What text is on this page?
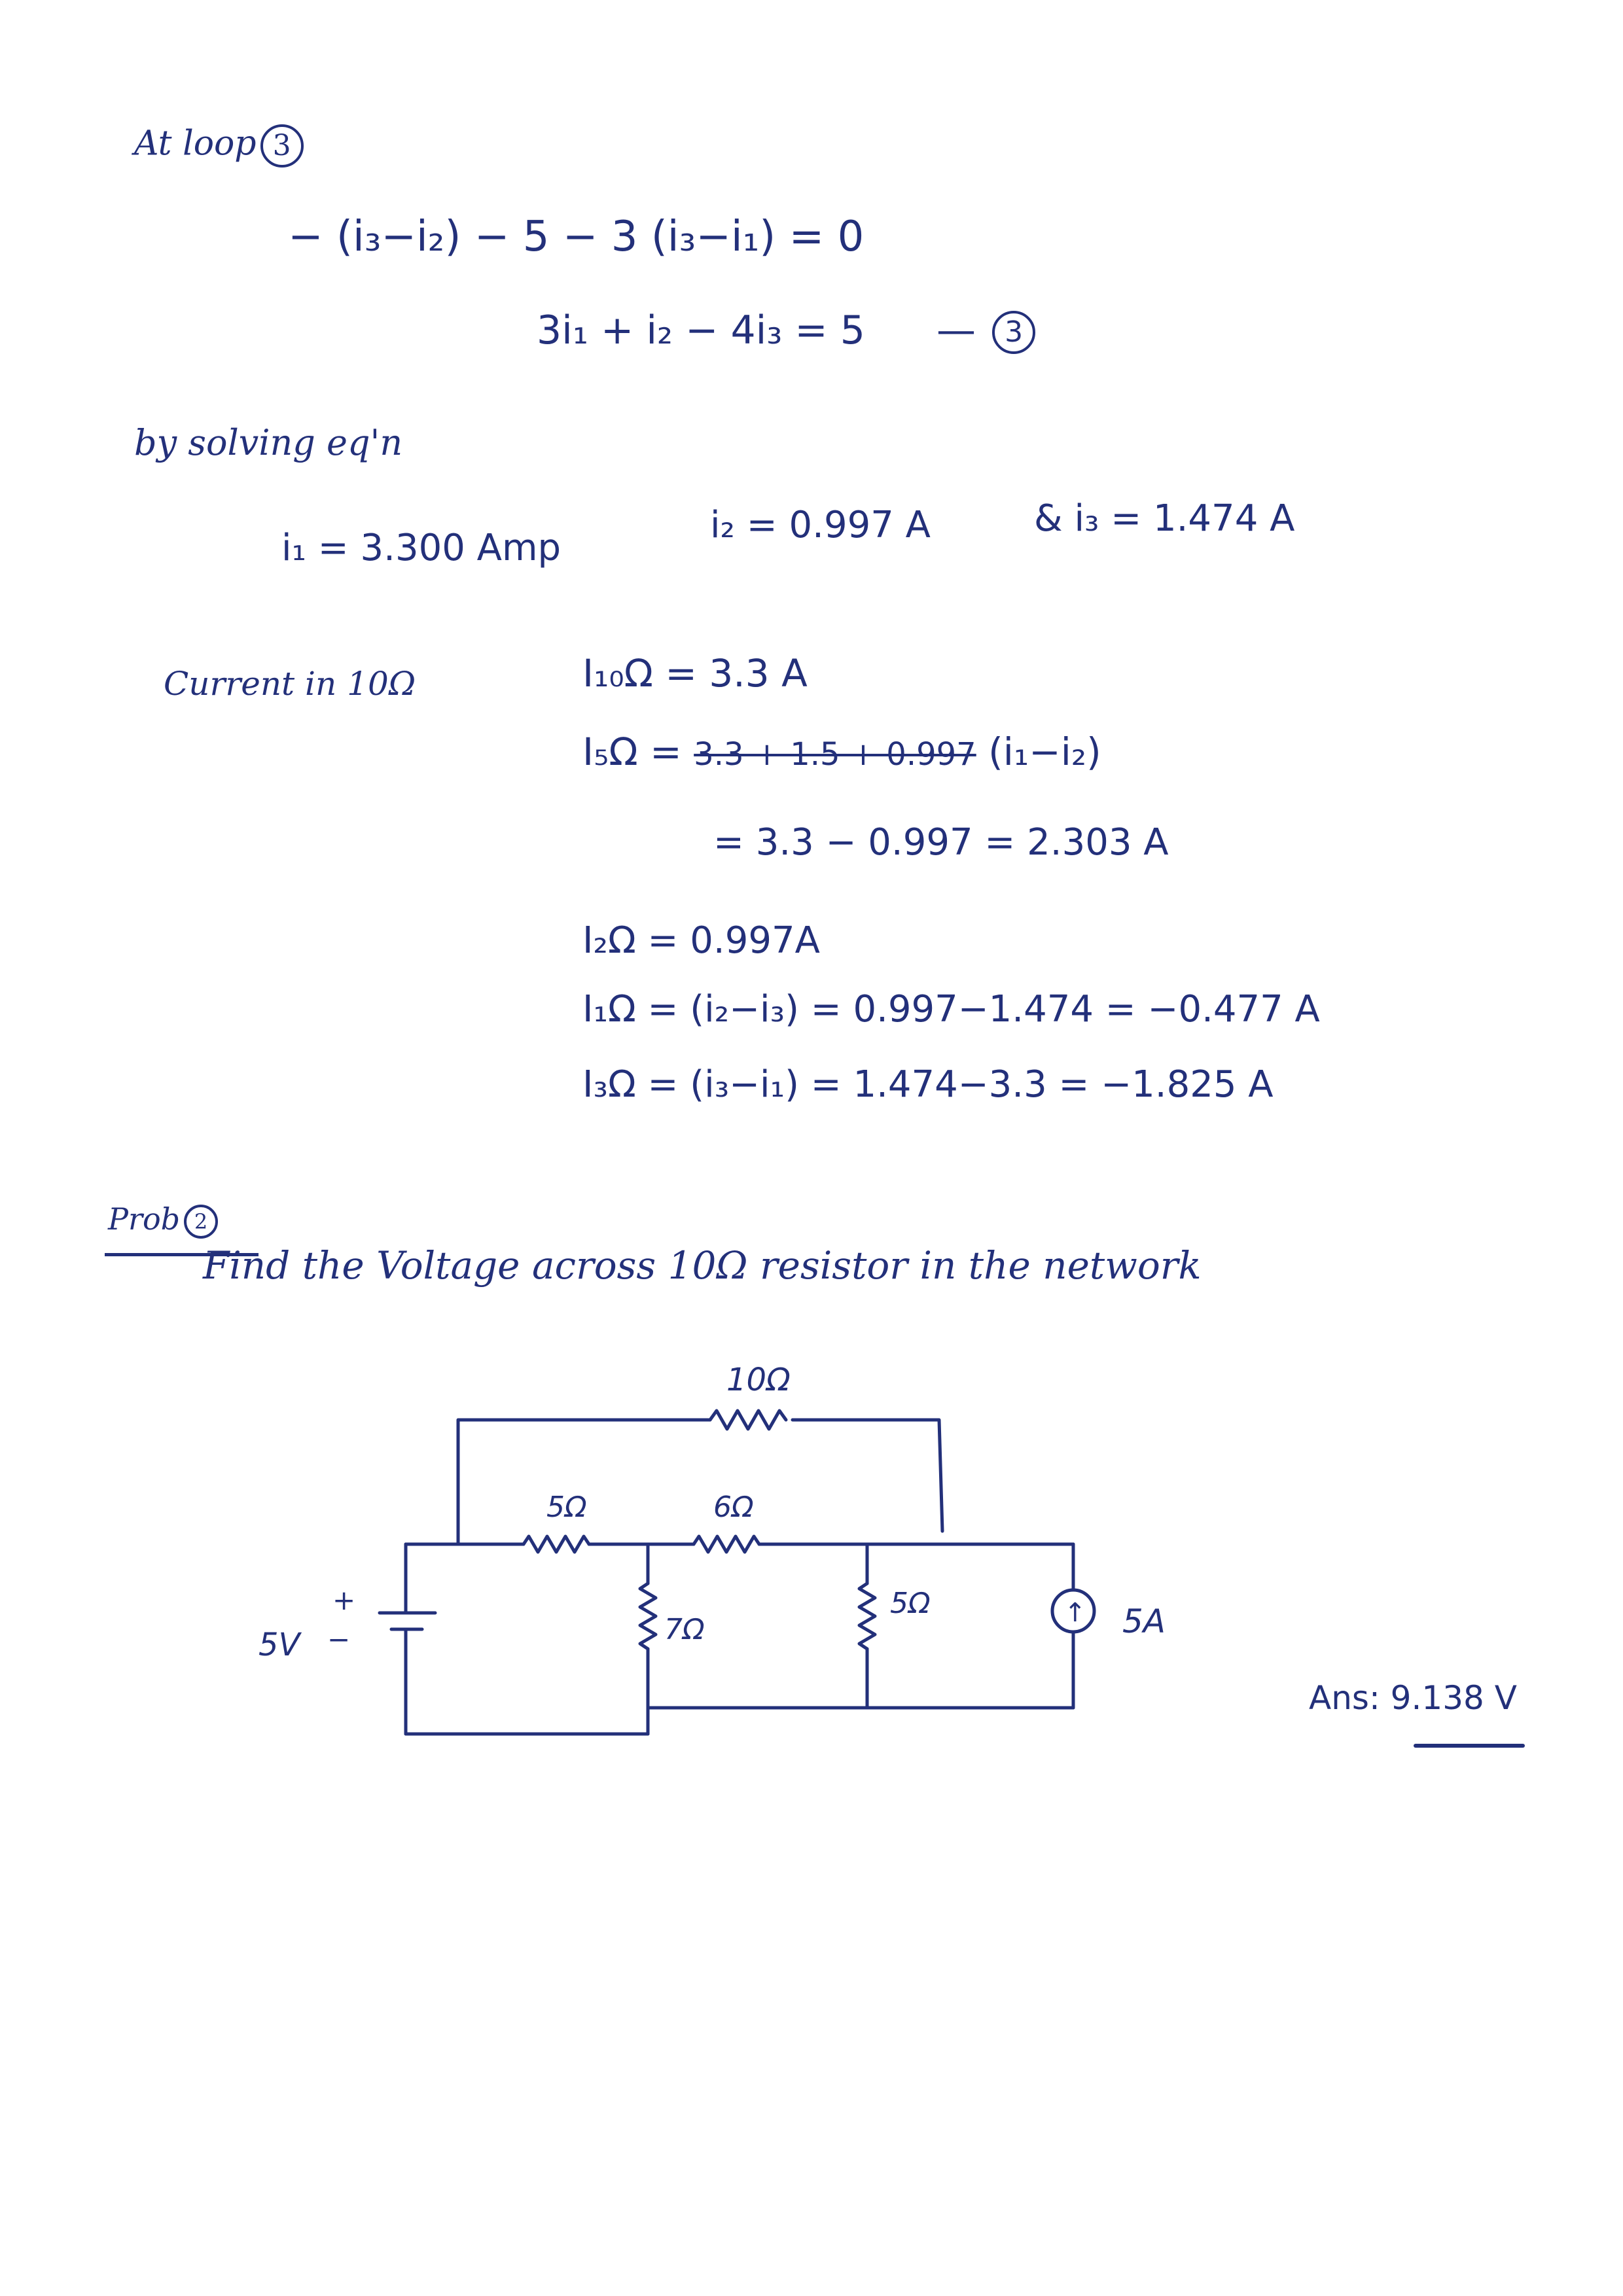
At loop 3
− (i₃−i₂) − 5 − 3 (i₃−i₁) = 0
3i₁ + i₂ − 4i₃ = 5 — 3
by solving eq'n
i₁ = 3.300 Amp
i₂ = 0.997 A	& i₃ = 1.474 A
Current in 10Ω	I₁₀Ω = 3.3 A
I₅Ω = 3.3 + 1.5 + 0.997 (i₁−i₂)
= 3.3 − 0.997 = 2.303 A
I₂Ω = 0.997A
I₁Ω = (i₂−i₃) = 0.997−1.474 = −0.477 A
I₃Ω = (i₃−i₁) = 1.474−3.3 = −1.825 A
Prob 2
Find the Voltage across 10Ω resistor in the network
10Ω
5Ω	6Ω
7Ω
5Ω
5V
+
−
↑ 5A
Ans: 9.138 V
